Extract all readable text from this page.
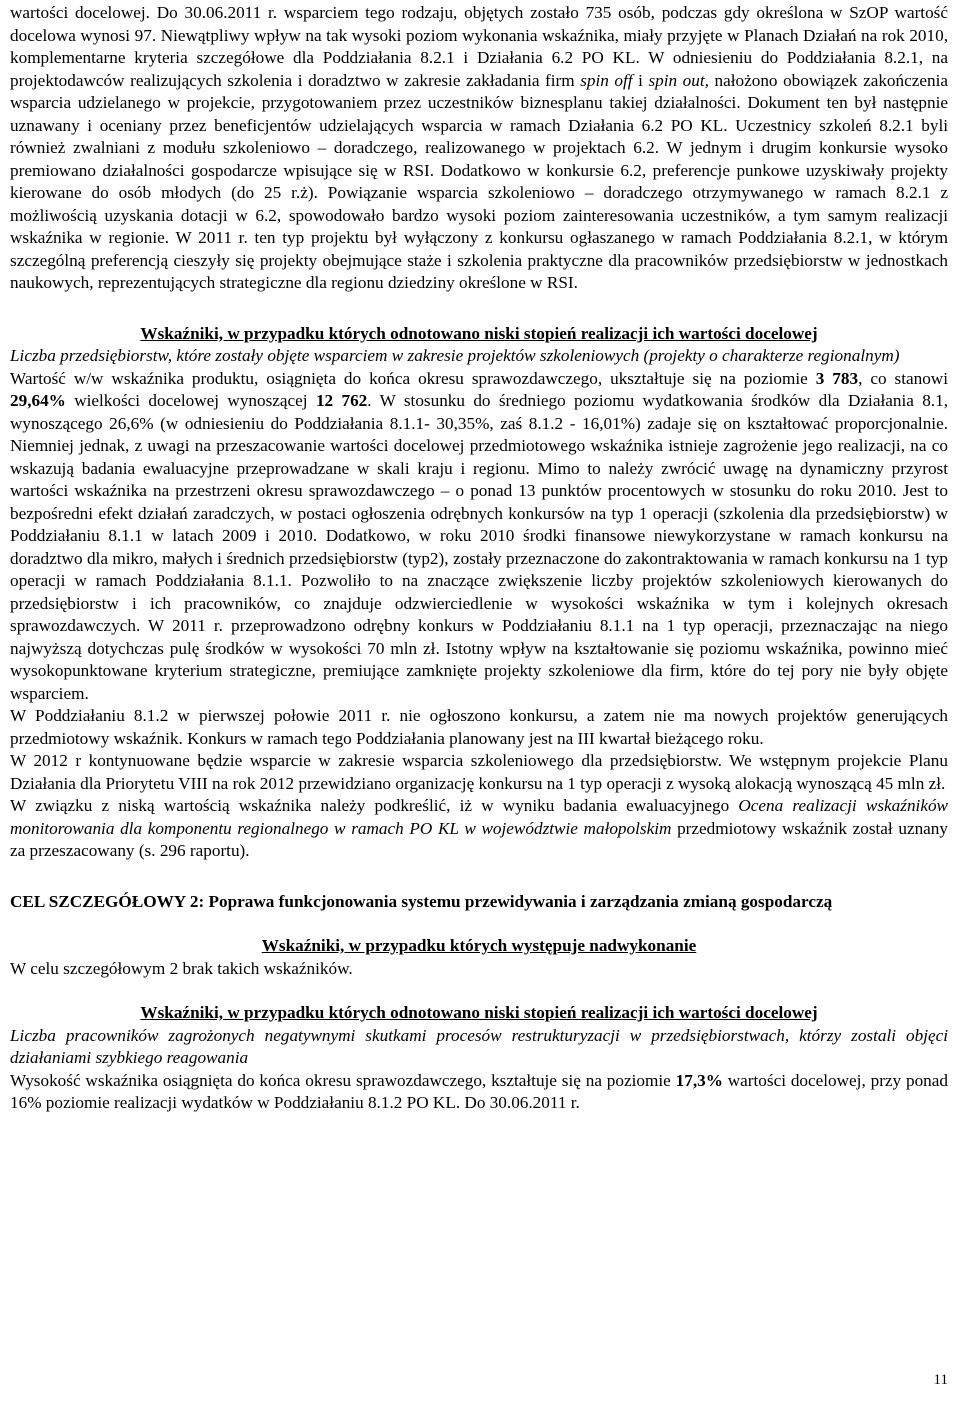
wartości docelowej. Do 30.06.2011 r. wsparciem tego rodzaju, objętych zostało 735 osób, podczas gdy określona w SzOP wartość docelowa wynosi 97. Niewątpliwy wpływ na tak wysoki poziom wykonania wskaźnika, miały przyjęte w Planach Działań na rok 2010, komplementarne kryteria szczegółowe dla Poddziałania 8.2.1 i Działania 6.2 PO KL. W odniesieniu do Poddziałania 8.2.1, na projektodawców realizujących szkolenia i doradztwo w zakresie zakładania firm spin off i spin out, nałożono obowiązek zakończenia wsparcia udzielanego w projekcie, przygotowaniem przez uczestników biznesplanu takiej działalności. Dokument ten był następnie uznawany i oceniany przez beneficjentów udzielających wsparcia w ramach Działania 6.2 PO KL. Uczestnicy szkoleń 8.2.1 byli również zwalniani z modułu szkoleniowo – doradczego, realizowanego w projektach 6.2. W jednym i drugim konkursie wysoko premiowano działalności gospodarcze wpisujące się w RSI. Dodatkowo w konkursie 6.2, preferencje punkowe uzyskiwały projekty kierowane do osób młodych (do 25 r.ż). Powiązanie wsparcia szkoleniowo – doradczego otrzymywanego w ramach 8.2.1 z możliwością uzyskania dotacji w 6.2, spowodowało bardzo wysoki poziom zainteresowania uczestników, a tym samym realizacji wskaźnika w regionie. W 2011 r. ten typ projektu był wyłączony z konkursu ogłaszanego w ramach Poddziałania 8.2.1, w którym szczególną preferencją cieszyły się projekty obejmujące staże i szkolenia praktyczne dla pracowników przedsiębiorstw w jednostkach naukowych, reprezentujących strategiczne dla regionu dziedziny określone w RSI.

Wskaźniki, w przypadku których odnotowano niski stopień realizacji ich wartości docelowej

Liczba przedsiębiorstw, które zostały objęte wsparciem w zakresie projektów szkoleniowych (projekty o charakterze regionalnym)

Wartość w/w wskaźnika produktu, osiągnięta do końca okresu sprawozdawczego, ukształtuje się na poziomie 3 783, co stanowi 29,64% wielkości docelowej wynoszącej 12 762. W stosunku do średniego poziomu wydatkowania środków dla Działania 8.1, wynoszącego 26,6% (w odniesieniu do Poddziałania 8.1.1- 30,35%, zaś 8.1.2 - 16,01%) zadaje się on kształtować proporcjonalnie. Niemniej jednak, z uwagi na przeszacowanie wartości docelowej przedmiotowego wskaźnika istnieje zagrożenie jego realizacji, na co wskazują badania ewaluacyjne przeprowadzane w skali kraju i regionu. Mimo to należy zwrócić uwagę na dynamiczny przyrost wartości wskaźnika na przestrzeni okresu sprawozdawczego – o ponad 13 punktów procentowych w stosunku do roku 2010. Jest to bezpośredni efekt działań zaradczych, w postaci ogłoszenia odrębnych konkursów na typ 1 operacji (szkolenia dla przedsiębiorstw) w Poddziałaniu 8.1.1 w latach 2009 i 2010. Dodatkowo, w roku 2010 środki finansowe niewykorzystane w ramach konkursu na doradztwo dla mikro, małych i średnich przedsiębiorstw (typ2), zostały przeznaczone do zakontraktowania w ramach konkursu na 1 typ operacji w ramach Poddziałania 8.1.1. Pozwoliło to na znaczące zwiększenie liczby projektów szkoleniowych kierowanych do przedsiębiorstw i ich pracowników, co znajduje odzwierciedlenie w wysokości wskaźnika w tym i kolejnych okresach sprawozdawczych. W 2011 r. przeprowadzono odrębny konkurs w Poddziałaniu 8.1.1 na 1 typ operacji, przeznaczając na niego najwyższą dotychczas pulę środków w wysokości 70 mln zł. Istotny wpływ na kształtowanie się poziomu wskaźnika, powinno mieć wysokopunktowane kryterium strategiczne, premiujące zamknięte projekty szkoleniowe dla firm, które do tej pory nie były objęte wsparciem.

W Poddziałaniu 8.1.2 w pierwszej połowie 2011 r. nie ogłoszono konkursu, a zatem nie ma nowych projektów generujących przedmiotowy wskaźnik. Konkurs w ramach tego Poddziałania planowany jest na III kwartał bieżącego roku.

W 2012 r kontynuowane będzie wsparcie w zakresie wsparcia szkoleniowego dla przedsiębiorstw. We wstępnym projekcie Planu Działania dla Priorytetu VIII na rok 2012 przewidziano organizację konkursu na 1 typ operacji z wysoką alokacją wynoszącą 45 mln zł.

W związku z niską wartością wskaźnika należy podkreślić, iż w wyniku badania ewaluacyjnego Ocena realizacji wskaźników monitorowania dla komponentu regionalnego w ramach PO KL w województwie małopolskim przedmiotowy wskaźnik został uznany za przeszacowany (s. 296 raportu).

CEL SZCZEGÓŁOWY 2: Poprawa funkcjonowania systemu przewidywania i zarządzania zmianą gospodarczą

Wskaźniki, w przypadku których występuje nadwykonanie

W celu szczegółowym 2 brak takich wskaźników.

Wskaźniki, w przypadku których odnotowano niski stopień realizacji ich wartości docelowej

Liczba pracowników zagrożonych negatywnymi skutkami procesów restrukturyzacji w przedsiębiorstwach, którzy zostali objęci działaniami szybkiego reagowania

Wysokość wskaźnika osiągnięta do końca okresu sprawozdawczego, kształtuje się na poziomie 17,3% wartości docelowej, przy ponad 16% poziomie realizacji wydatków w Poddziałaniu 8.1.2 PO KL. Do 30.06.2011 r.

11
